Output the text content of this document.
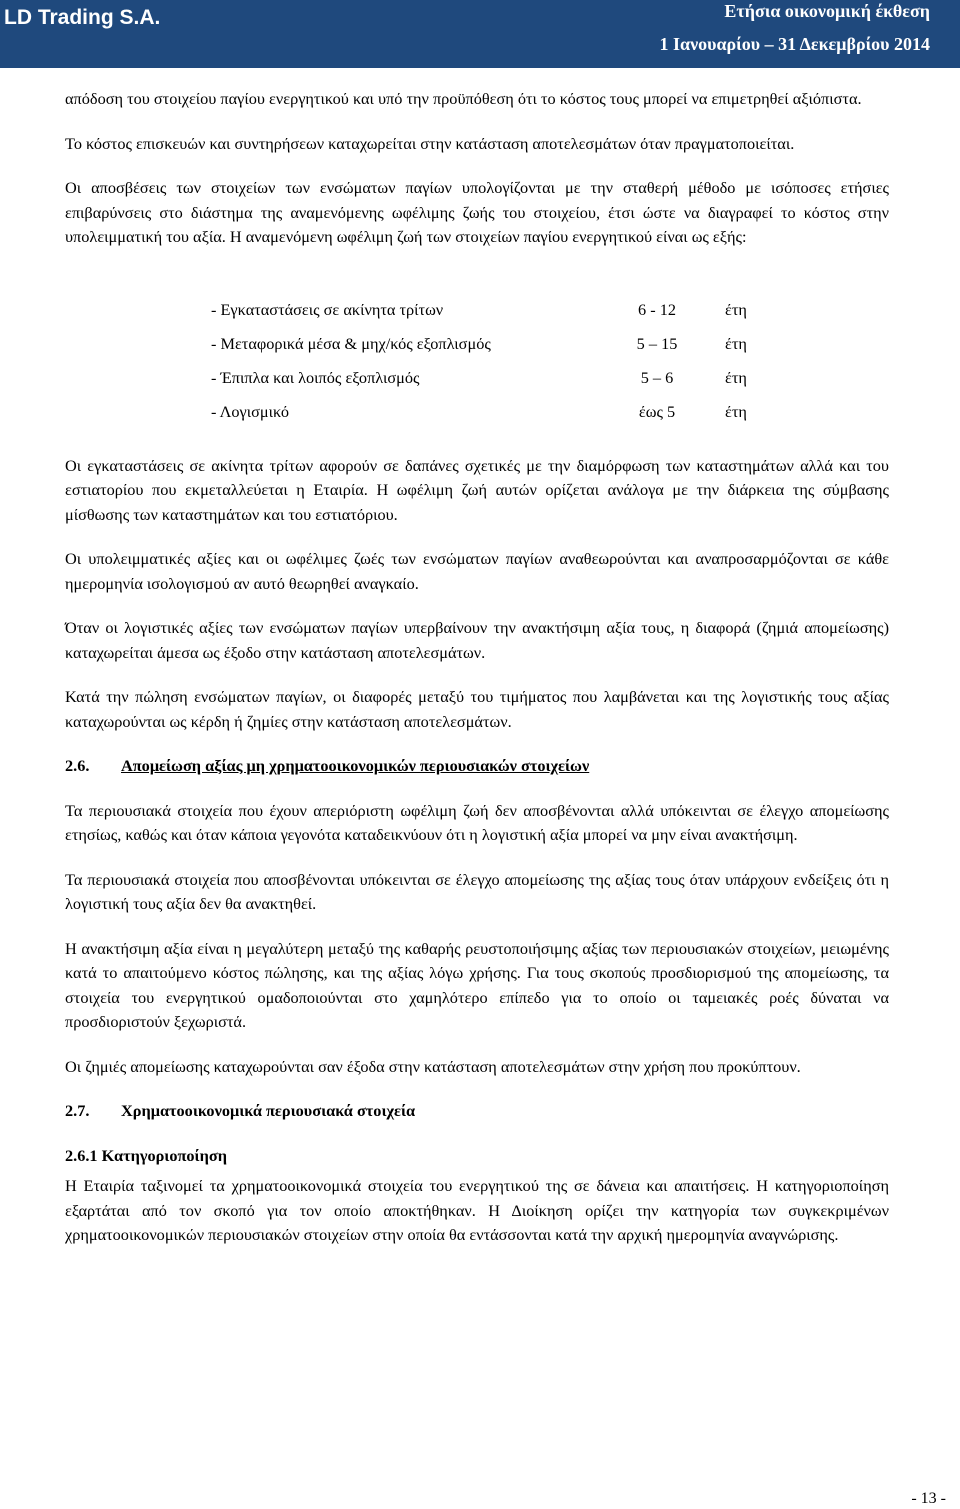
LD Trading S.A.	Ετήσια οικονομική έκθεση
1 Ιανουαρίου – 31 Δεκεμβρίου 2014

απόδοση του στοιχείου παγίου ενεργητικού και υπό την προϋπόθεση ότι το κόστος τους μπορεί να επιμετρηθεί αξιόπιστα.

Το κόστος επισκευών και συντηρήσεων καταχωρείται στην κατάσταση αποτελεσμάτων όταν πραγματοποιείται.

Οι αποσβέσεις των στοιχείων των ενσώματων παγίων υπολογίζονται με την σταθερή μέθοδο με ισόποσες ετήσιες επιβαρύνσεις στο διάστημα της αναμενόμενης ωφέλιμης ζωής του στοιχείου, έτσι ώστε να διαγραφεί το κόστος στην υπολειμματική του αξία. Η αναμενόμενη ωφέλιμη ζωή των στοιχείων παγίου ενεργητικού είναι ως εξής:

- Εγκαταστάσεις σε ακίνητα τρίτων	6 - 12	έτη
- Μεταφορικά μέσα & μηχ/κός εξοπλισμός	5 – 15	έτη
- Έπιπλα και λοιπός εξοπλισμός	5 – 6	έτη
- Λογισμικό	έως 5	έτη

Οι εγκαταστάσεις σε ακίνητα τρίτων αφορούν σε δαπάνες σχετικές με την διαμόρφωση των καταστημάτων αλλά και του εστιατορίου που εκμεταλλεύεται η Εταιρία. Η ωφέλιμη ζωή αυτών ορίζεται ανάλογα με την διάρκεια της σύμβασης μίσθωσης των καταστημάτων και του εστιατόριου.

Οι υπολειμματικές αξίες και οι ωφέλιμες ζωές των ενσώματων παγίων αναθεωρούνται και αναπροσαρμόζονται σε κάθε ημερομηνία ισολογισμού αν αυτό θεωρηθεί αναγκαίο.

Όταν οι λογιστικές αξίες των ενσώματων παγίων υπερβαίνουν την ανακτήσιμη αξία τους, η διαφορά (ζημιά απομείωσης) καταχωρείται άμεσα ως έξοδο στην κατάσταση αποτελεσμάτων.

Κατά την πώληση ενσώματων παγίων, οι διαφορές μεταξύ του τιμήματος που λαμβάνεται και της λογιστικής τους αξίας καταχωρούνται ως κέρδη ή ζημίες στην κατάσταση αποτελεσμάτων.

2.6. Απομείωση αξίας μη χρηματοοικονομικών περιουσιακών στοιχείων

Τα περιουσιακά στοιχεία που έχουν απεριόριστη ωφέλιμη ζωή δεν αποσβένονται αλλά υπόκεινται σε έλεγχο απομείωσης ετησίως, καθώς και όταν κάποια γεγονότα καταδεικνύουν ότι η λογιστική αξία μπορεί να μην είναι ανακτήσιμη.

Τα περιουσιακά στοιχεία που αποσβένονται υπόκεινται σε έλεγχο απομείωσης της αξίας τους όταν υπάρχουν ενδείξεις ότι η λογιστική τους αξία δεν θα ανακτηθεί.

Η ανακτήσιμη αξία είναι η μεγαλύτερη μεταξύ της καθαρής ρευστοποιήσιμης αξίας των περιουσιακών στοιχείων, μειωμένης κατά το απαιτούμενο κόστος πώλησης, και της αξίας λόγω χρήσης. Για τους σκοπούς προσδιορισμού της απομείωσης, τα στοιχεία του ενεργητικού ομαδοποιούνται στο χαμηλότερο επίπεδο για το οποίο οι ταμειακές ροές δύναται να προσδιοριστούν ξεχωριστά.

Οι ζημιές απομείωσης καταχωρούνται σαν έξοδα στην κατάσταση αποτελεσμάτων στην χρήση που προκύπτουν.

2.7. Χρηματοοικονομικά περιουσιακά στοιχεία
2.6.1 Κατηγοριοποίηση

Η Εταιρία ταξινομεί τα χρηματοοικονομικά στοιχεία του ενεργητικού της σε δάνεια και απαιτήσεις. Η κατηγοριοποίηση εξαρτάται από τον σκοπό για τον οποίο αποκτήθηκαν. Η Διοίκηση ορίζει την κατηγορία των συγκεκριμένων χρηματοοικονομικών περιουσιακών στοιχείων στην οποία θα εντάσσονται κατά την αρχική ημερομηνία αναγνώρισης.

- 13 -
